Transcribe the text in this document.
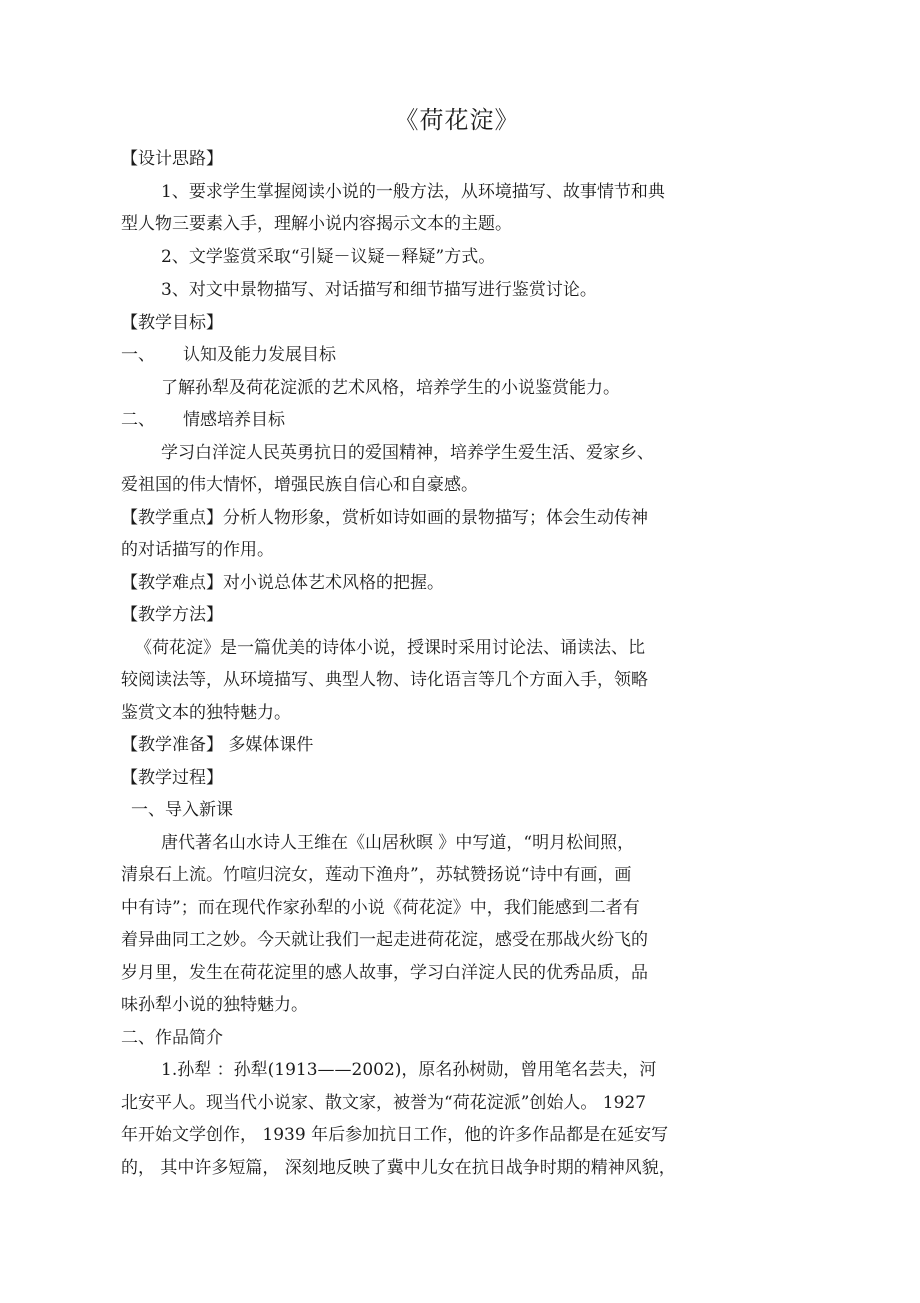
《荷花淀》
【设计思路】
1、要求学生掌握阅读小说的一般方法，从环境描写、故事情节和典
型人物三要素入手，理解小说内容揭示文本的主题。
2、文学鉴赏采取“引疑－议疑－释疑”方式。
3、对文中景物描写、对话描写和细节描写进行鉴赏讨论。
【教学目标】
一、 认知及能力发展目标
了解孙犁及荷花淀派的艺术风格，培养学生的小说鉴赏能力。
二、 情感培养目标
学习白洋淀人民英勇抗日的爱国精神，培养学生爱生活、爱家乡、
爱祖国的伟大情怀，增强民族自信心和自豪感。
【教学重点】分析人物形象，赏析如诗如画的景物描写；体会生动传神
的对话描写的作用。
【教学难点】对小说总体艺术风格的把握。
【教学方法】
《荷花淀》是一篇优美的诗体小说，授课时采用讨论法、诵读法、比
较阅读法等，从环境描写、典型人物、诗化语言等几个方面入手，领略
鉴赏文本的独特魅力。
【教学准备】 多媒体课件
【教学过程】
一、导入新课
唐代著名山水诗人王维在《山居秋暝 》中写道，“明月松间照，
清泉石上流。竹喧归浣女，莲动下渔舟”，苏轼赞扬说“诗中有画，画
中有诗”；而在现代作家孙犁的小说《荷花淀》中，我们能感到二者有
着异曲同工之妙。今天就让我们一起走进荷花淀，感受在那战火纷飞的
岁月里，发生在荷花淀里的感人故事，学习白洋淀人民的优秀品质，品
味孙犁小说的独特魅力。
二、作品简介
1.孙犁 ：孙犁(1913——2002)，原名孙树勋，曾用笔名芸夫，河
北安平人。现当代小说家、散文家，被誉为“荷花淀派”创始人。 1927
年开始文学创作， 1939 年后参加抗日工作，他的许多作品都是在延安写
的， 其中许多短篇， 深刻地反映了冀中儿女在抗日战争时期的精神风貌，
